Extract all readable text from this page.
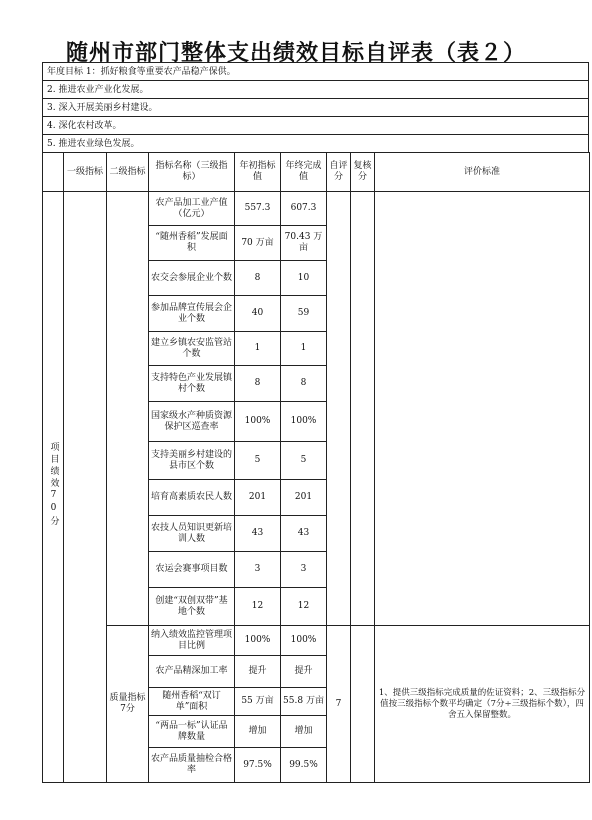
随州市部门整体支出绩效目标自评表（表２）
年度目标 1：抓好粮食等重要农产品稳产保供。
2. 推进农业产业化发展。
3. 深入开展美丽乡村建设。
4. 深化农村改革。
5. 推进农业绿色发展。
	一级指标	二级指标	指标名称（三级指标）	年初指标值	年终完成值	自评分	复核分	评价标准
项目绩效70分			农产品加工业产值（亿元）	557.3	607.3			
			“随州香稻”发展面积	70 万亩	70.43 万亩			
			农交会参展企业个数	8	10			
			参加品牌宣传展会企业个数	40	59			
			建立乡镇农安监管站个数	1	1			
			支持特色产业发展镇村个数	8	8			
			国家级水产种质资源保护区巡查率	100%	100%			
			支持美丽乡村建设的县市区个数	5	5			
			培育高素质农民人数	201	201			
			农技人员知识更新培训人数	43	43			
			农运会赛事项目数	3	3			
			创建“双创双带”基地个数	12	12			
		质量指标7分	纳入绩效监控管理项目比例	100%	100%	7		1、提供三级指标完成质量的佐证资料；2、三级指标分值按三级指标个数平均确定（7分÷三级指标个数），四舍五入保留整数。
			农产品精深加工率	提升	提升			
			随州香稻“双订单”面积	55 万亩	55.8 万亩			
			“两品一标”认证品牌数量	增加	增加			
			农产品质量抽检合格率	97.5%	99.5%			
